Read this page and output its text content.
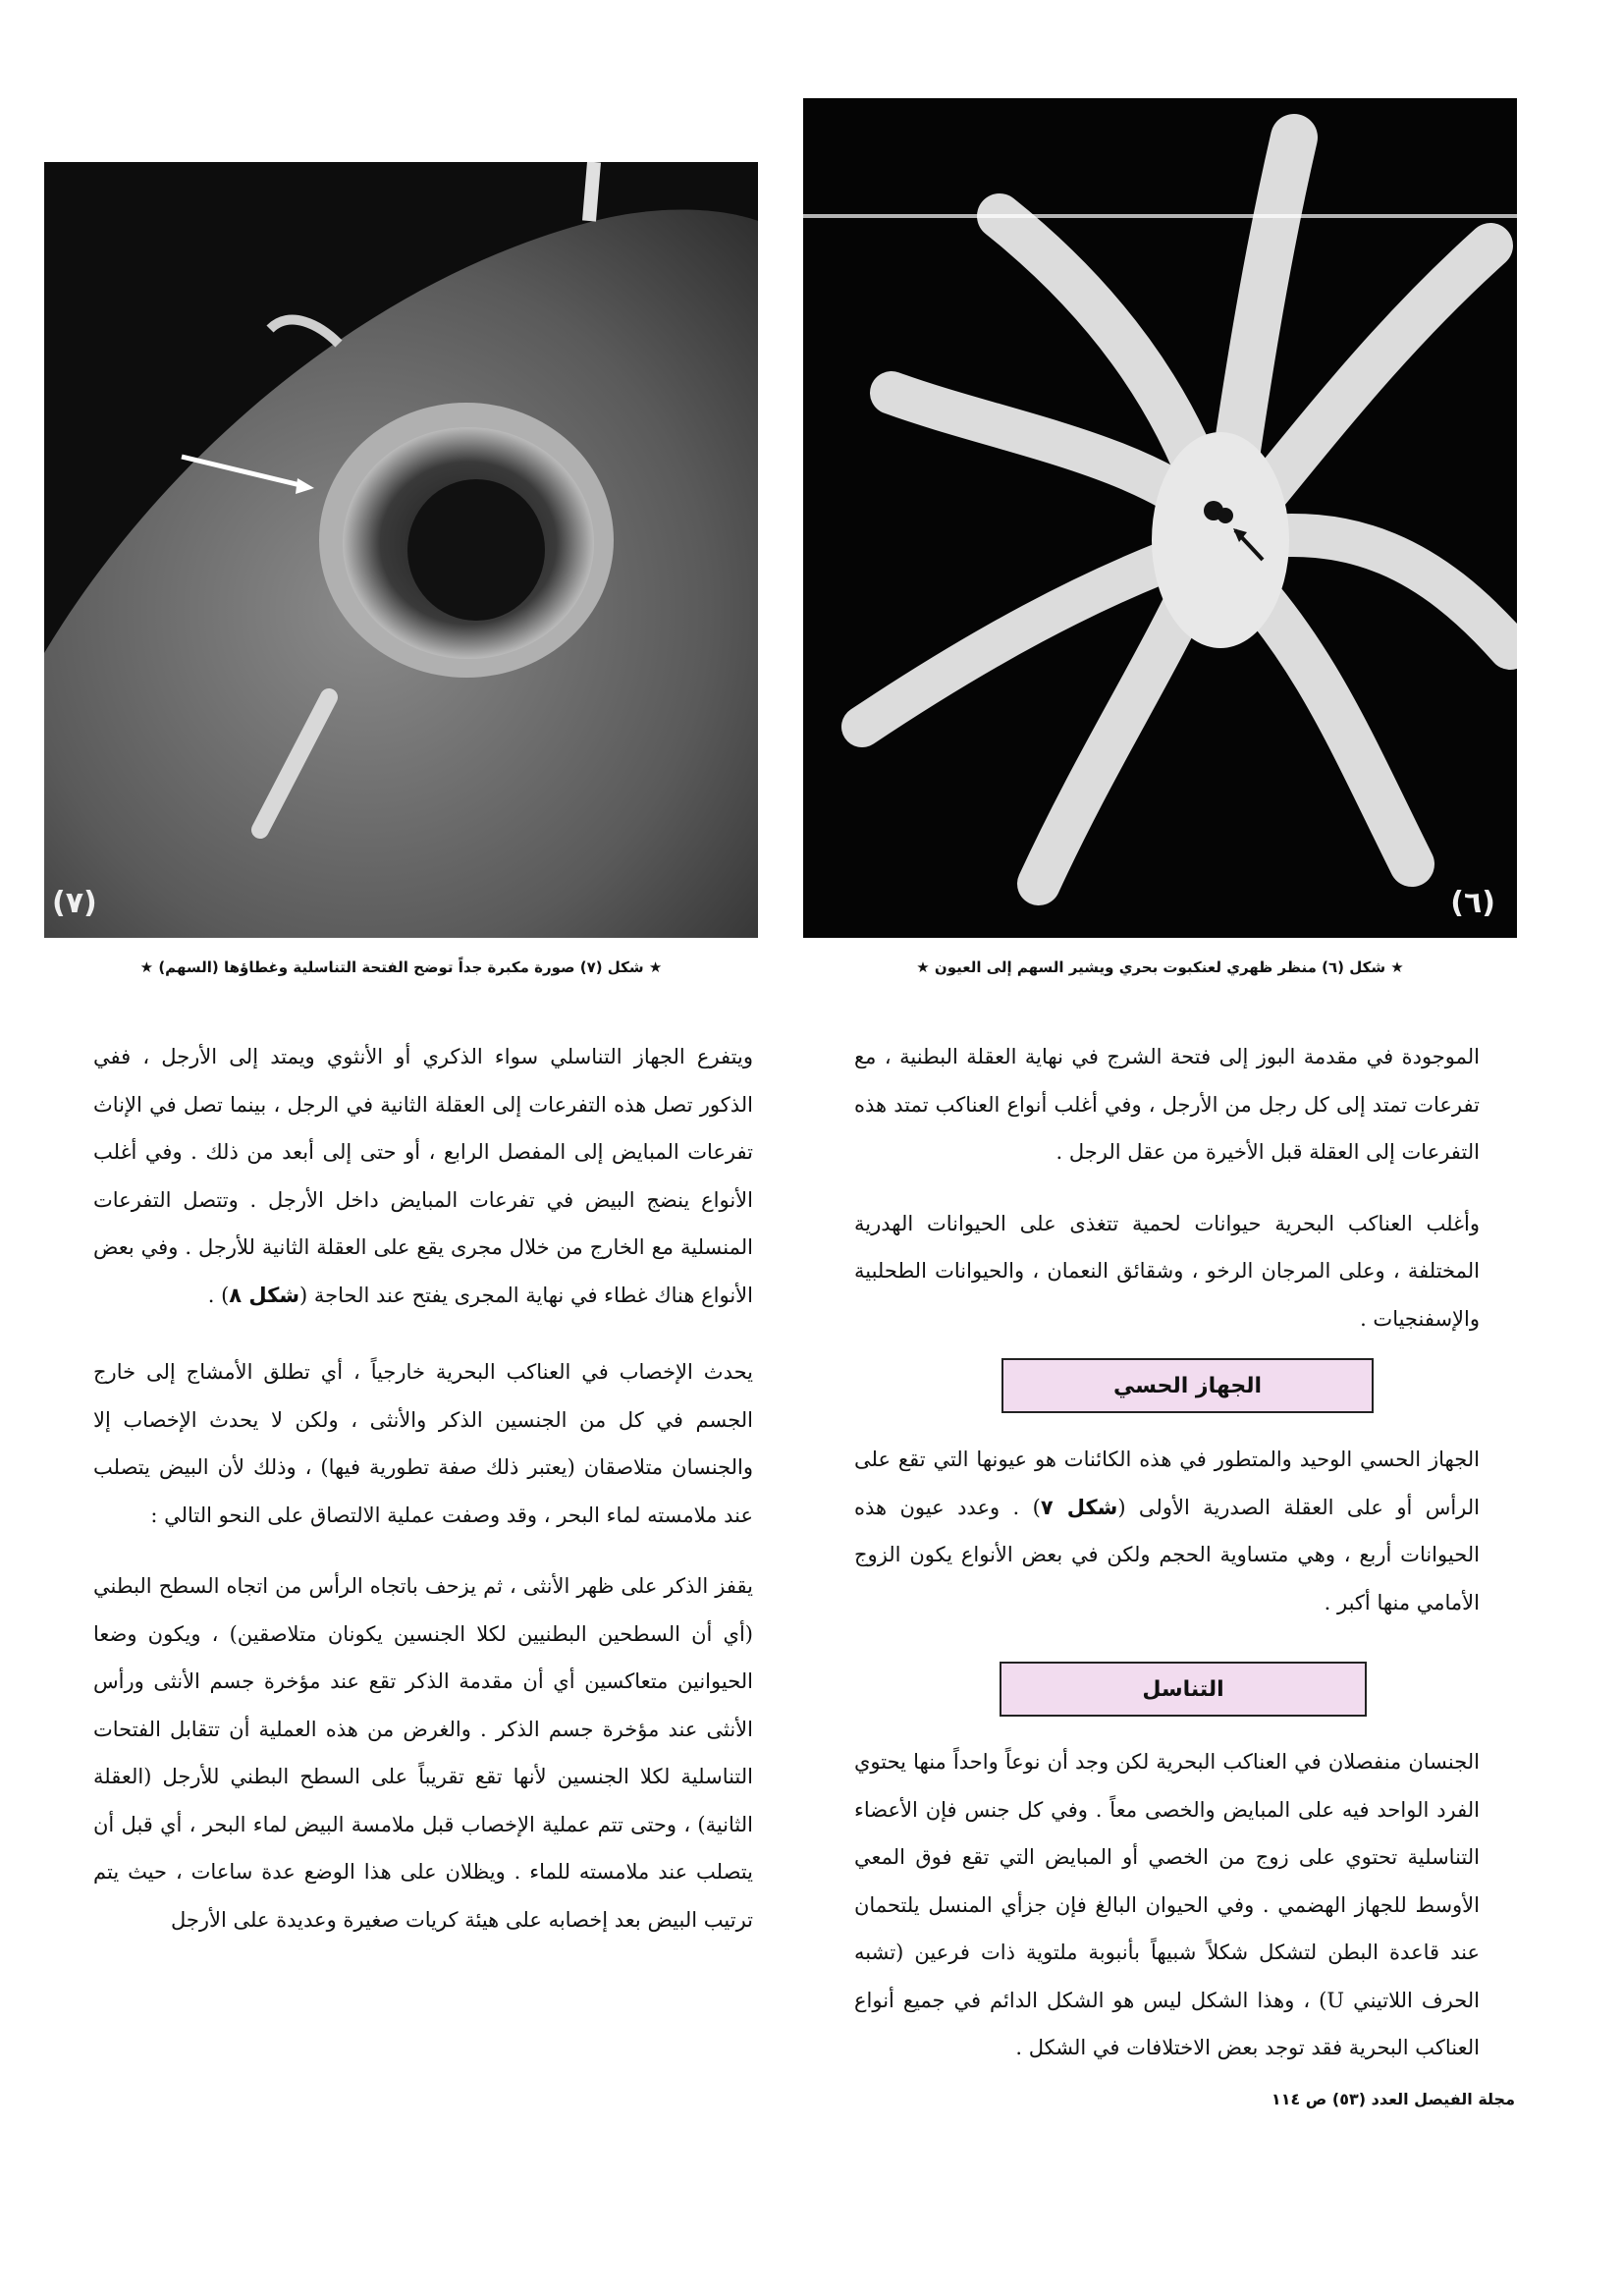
(٧)	(٦)
★ شكل (٧) صورة مكبرة جداً توضح الفتحة التناسلية وغطاؤها (السهم) ★	★ شكل (٦) منظر ظهري لعنكبوت بحري ويشير السهم إلى العيون ★

الموجودة في مقدمة البوز إلى فتحة الشرج في نهاية العقلة البطنية ، مع تفرعات تمتد إلى كل رجل من الأرجل ، وفي أغلب أنواع العناكب تمتد هذه التفرعات إلى العقلة قبل الأخيرة من عقل الرجل .

وأغلب العناكب البحرية حيوانات لحمية تتغذى على الحيوانات الهدرية المختلفة ، وعلى المرجان الرخو ، وشقائق النعمان ، والحيوانات الطحلبية والإسفنجيات .

الجهاز الحسي

الجهاز الحسي الوحيد والمتطور في هذه الكائنات هو عيونها التي تقع على الرأس أو على العقلة الصدرية الأولى (شكل ٧) . وعدد عيون هذه الحيوانات أربع ، وهي متساوية الحجم ولكن في بعض الأنواع يكون الزوج الأمامي منها أكبر .

التناسل

الجنسان منفصلان في العناكب البحرية لكن وجد أن نوعاً واحداً منها يحتوي الفرد الواحد فيه على المبايض والخصى معاً . وفي كل جنس فإن الأعضاء التناسلية تحتوي على زوج من الخصي أو المبايض التي تقع فوق المعي الأوسط للجهاز الهضمي . وفي الحيوان البالغ فإن جزأي المنسل يلتحمان عند قاعدة البطن لتشكل شكلاً شبيهاً بأنبوبة ملتوية ذات فرعين (تشبه الحرف اللاتيني U) ، وهذا الشكل ليس هو الشكل الدائم في جميع أنواع العناكب البحرية فقد توجد بعض الاختلافات في الشكل .

ويتفرع الجهاز التناسلي سواء الذكري أو الأنثوي ويمتد إلى الأرجل ، ففي الذكور تصل هذه التفرعات إلى العقلة الثانية في الرجل ، بينما تصل في الإناث تفرعات المبايض إلى المفصل الرابع ، أو حتى إلى أبعد من ذلك . وفي أغلب الأنواع ينضج البيض في تفرعات المبايض داخل الأرجل . وتتصل التفرعات المنسلية مع الخارج من خلال مجرى يقع على العقلة الثانية للأرجل . وفي بعض الأنواع هناك غطاء في نهاية المجرى يفتح عند الحاجة (شكل ٨) .

يحدث الإخصاب في العناكب البحرية خارجياً ، أي تطلق الأمشاج إلى خارج الجسم في كل من الجنسين الذكر والأنثى ، ولكن لا يحدث الإخصاب إلا والجنسان متلاصقان (يعتبر ذلك صفة تطورية فيها) ، وذلك لأن البيض يتصلب عند ملامسته لماء البحر ، وقد وصفت عملية الالتصاق على النحو التالي :

يقفز الذكر على ظهر الأنثى ، ثم يزحف باتجاه الرأس من اتجاه السطح البطني (أي أن السطحين البطنيين لكلا الجنسين يكونان متلاصقين) ، ويكون وضعا الحيوانين متعاكسين أي أن مقدمة الذكر تقع عند مؤخرة جسم الأنثى ورأس الأنثى عند مؤخرة جسم الذكر . والغرض من هذه العملية أن تتقابل الفتحات التناسلية لكلا الجنسين لأنها تقع تقريباً على السطح البطني للأرجل (العقلة الثانية) ، وحتى تتم عملية الإخصاب قبل ملامسة البيض لماء البحر ، أي قبل أن يتصلب عند ملامسته للماء . ويظلان على هذا الوضع عدة ساعات ، حيث يتم ترتيب البيض بعد إخصابه على هيئة كريات صغيرة وعديدة على الأرجل

مجلة الفيصل العدد (٥٣) ص ١١٤
